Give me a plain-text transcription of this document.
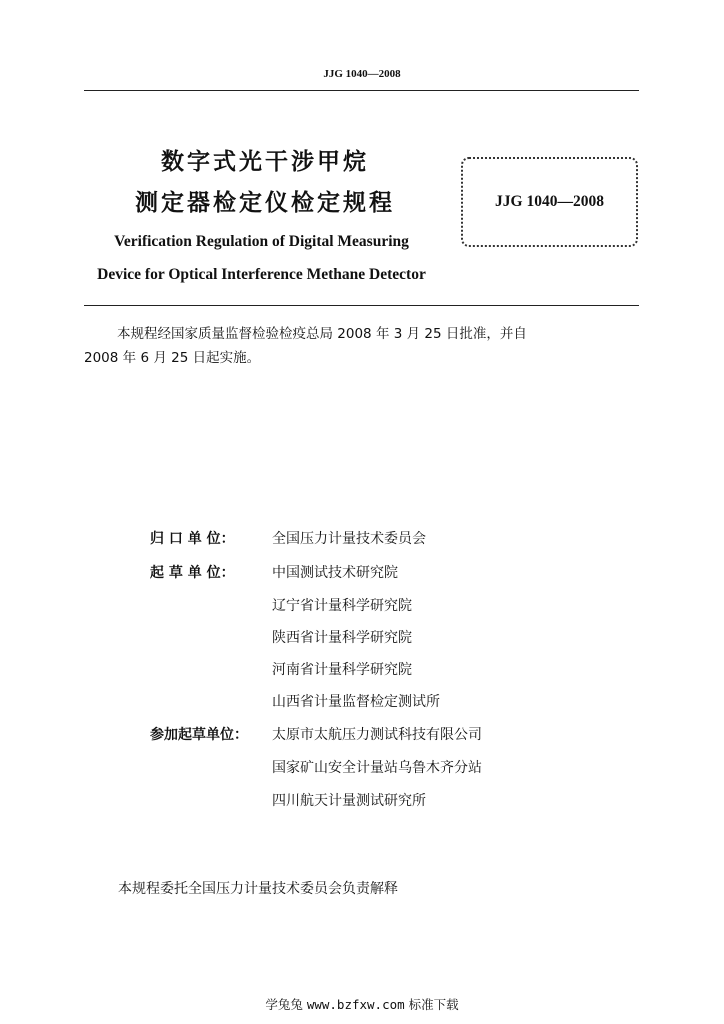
JJG 1040—2008
数字式光干涉甲烷
测定器检定仪检定规程
Verification Regulation of Digital Measuring
Device for Optical Interference Methane Detector
JJG 1040—2008
本规程经国家质量监督检验检疫总局 2008 年 3 月 25 日批准，并自
2008 年 6 月 25 日起实施。
归 口 单 位：	全国压力计量技术委员会
起 草 单 位：	中国测试技术研究院
辽宁省计量科学研究院
陕西省计量科学研究院
河南省计量科学研究院
山西省计量监督检定测试所
参加起草单位：	太原市太航压力测试科技有限公司
国家矿山安全计量站乌鲁木齐分站
四川航天计量测试研究所
本规程委托全国压力计量技术委员会负责解释
学兔兔 www.bzfxw.com 标准下载
